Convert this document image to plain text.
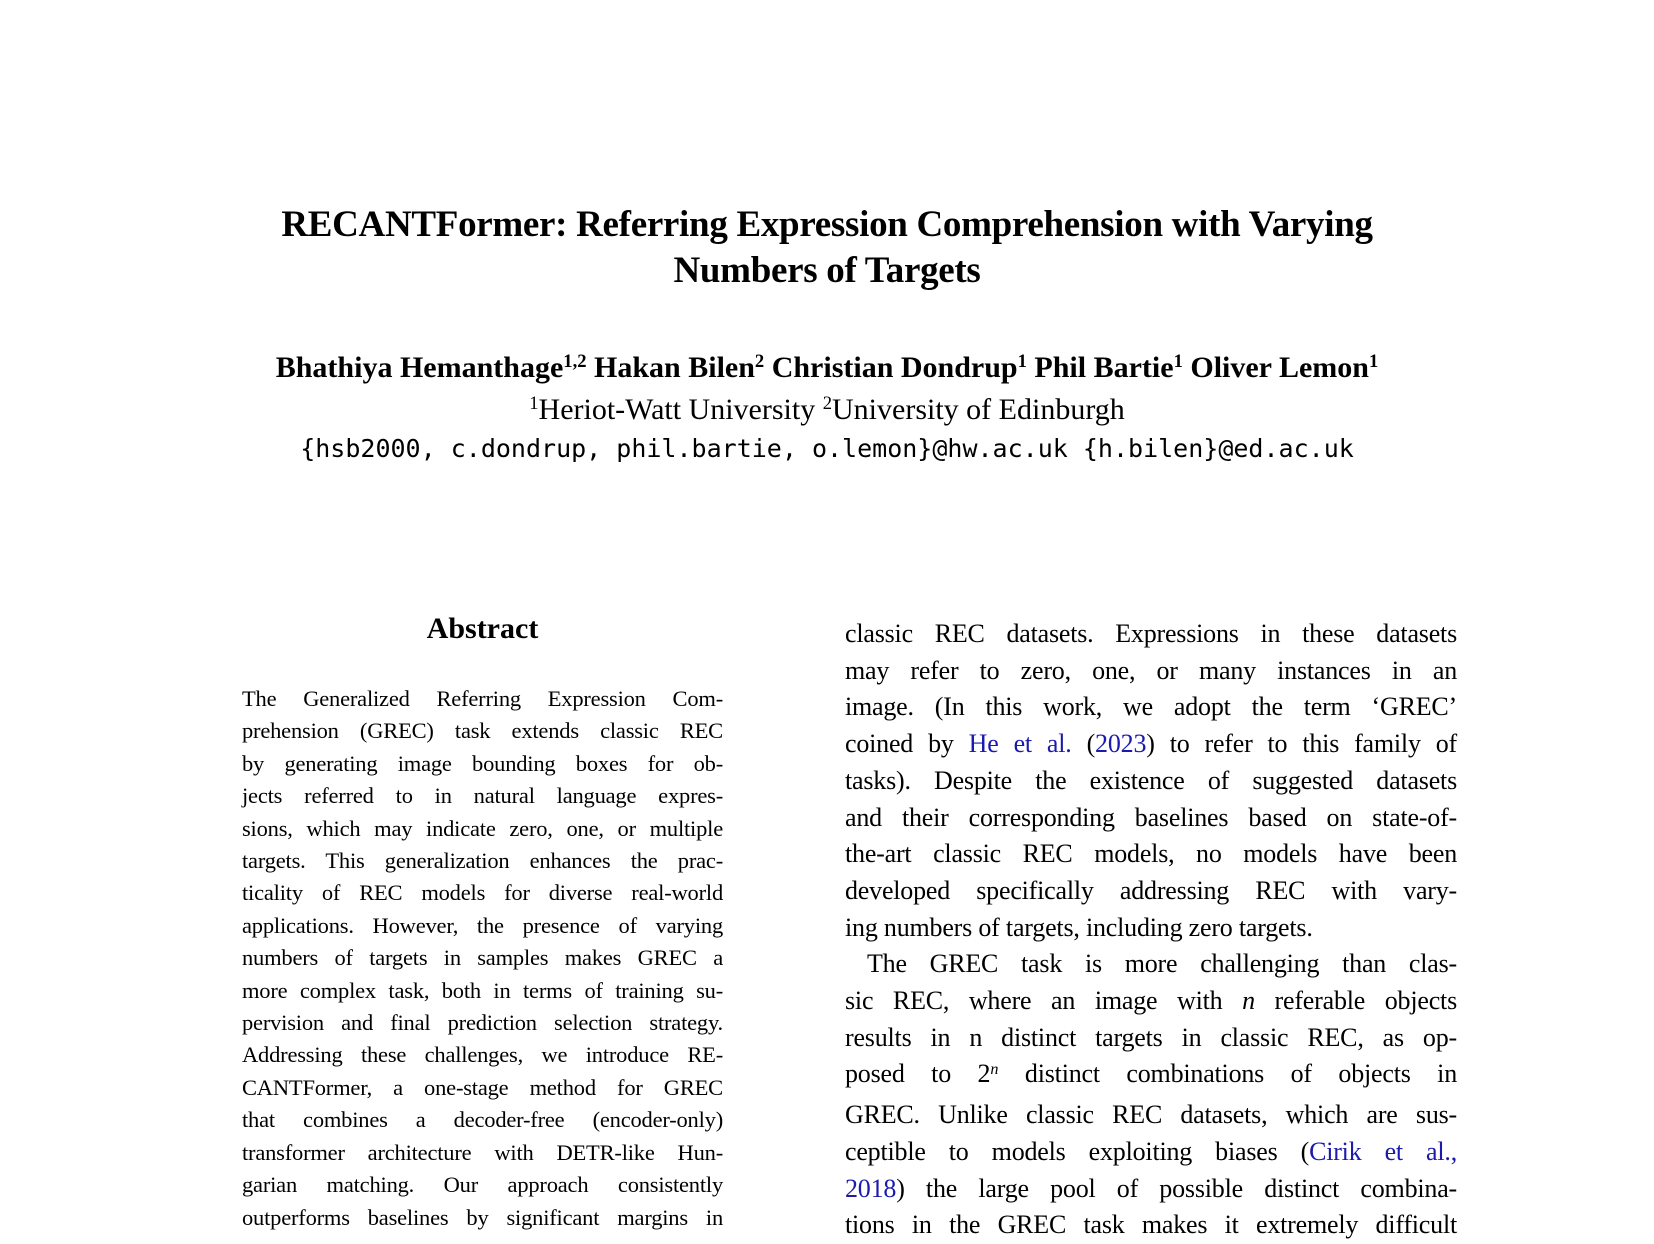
RECANTFormer: Referring Expression Comprehension with Varying
Numbers of Targets
Bhathiya Hemanthage$^{1,2}$ Hakan Bilen$^2$ Christian Dondrup$^1$ Phil Bartie$^1$ Oliver Lemon$^1$
$^1$Heriot-Watt University $^2$University of Edinburgh
{hsb2000, c.dondrup, phil.bartie, o.lemon}@hw.ac.uk {h.bilen}@ed.ac.uk
Abstract
The Generalized Referring Expression Com-
prehension (GREC) task extends classic REC
by generating image bounding boxes for ob-
jects referred to in natural language expres-
sions, which may indicate zero, one, or multiple
targets. This generalization enhances the prac-
ticality of REC models for diverse real-world
applications. However, the presence of varying
numbers of targets in samples makes GREC a
more complex task, both in terms of training su-
pervision and final prediction selection strategy.
Addressing these challenges, we introduce RE-
CANTFormer, a one-stage method for GREC
that combines a decoder-free (encoder-only)
transformer architecture with DETR-like Hun-
garian matching. Our approach consistently
outperforms baselines by significant margins in
classic REC datasets. Expressions in these datasets
may refer to zero, one, or many instances in an
image. (In this work, we adopt the term ‘GREC’
coined by He et al. (2023) to refer to this family of
tasks). Despite the existence of suggested datasets
and their corresponding baselines based on state-of-
the-art classic REC models, no models have been
developed specifically addressing REC with vary-
ing numbers of targets, including zero targets.
The GREC task is more challenging than clas-
sic REC, where an image with n referable objects
results in n distinct targets in classic REC, as op-
posed to 2$^n$ distinct combinations of objects in
GREC. Unlike classic REC datasets, which are sus-
ceptible to models exploiting biases (Cirik et al.,
2018) the large pool of possible distinct combina-
tions in the GREC task makes it extremely difficult
